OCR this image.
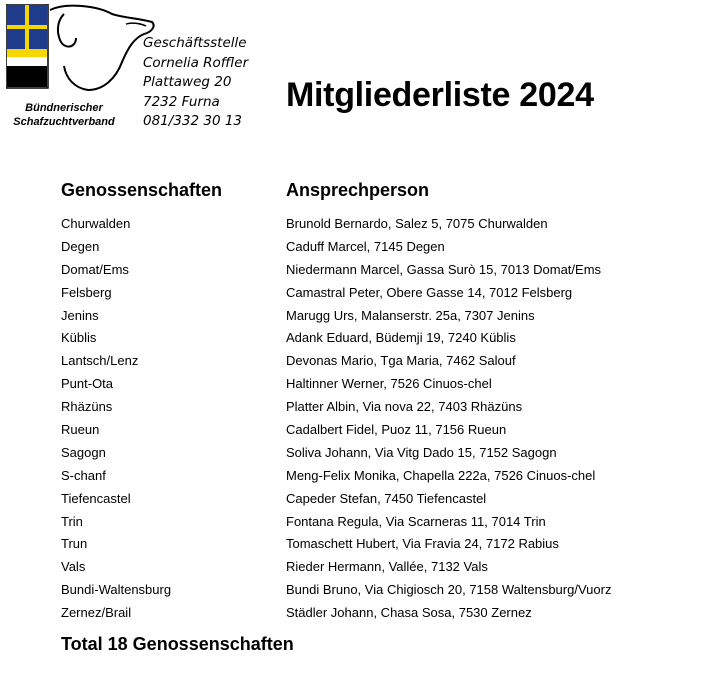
Bündnerischer
Schafzuchtverband
Geschäftsstelle
Cornelia Roffler
Plattaweg 20
7232 Furna
081/332 30 13
Mitgliederliste 2024
Genossenschaften	Ansprechperson
Churwalden	Brunold Bernardo, Salez 5, 7075 Churwalden
Degen	Caduff Marcel, 7145 Degen
Domat/Ems	Niedermann Marcel, Gassa Surò 15, 7013 Domat/Ems
Felsberg	Camastral Peter, Obere Gasse 14, 7012 Felsberg
Jenins	Marugg Urs, Malanserstr. 25a, 7307 Jenins
Küblis	Adank Eduard, Büdemji 19, 7240 Küblis
Lantsch/Lenz	Devonas Mario, Tga Maria, 7462 Salouf
Punt-Ota	Haltinner Werner, 7526 Cinuos-chel
Rhäzüns	Platter Albin, Via nova 22, 7403 Rhäzüns
Rueun	Cadalbert Fidel, Puoz 11, 7156 Rueun
Sagogn	Soliva Johann, Via Vitg Dado 15, 7152 Sagogn
S-chanf	Meng-Felix Monika, Chapella 222a, 7526 Cinuos-chel
Tiefencastel	Capeder Stefan, 7450 Tiefencastel
Trin	Fontana Regula, Via Scarneras 11, 7014 Trin
Trun	Tomaschett Hubert, Via Fravia 24, 7172 Rabius
Vals	Rieder Hermann, Vallée, 7132 Vals
Bundi-Waltensburg	Bundi Bruno, Via Chigiosch 20, 7158 Waltensburg/Vuorz
Zernez/Brail	Städler Johann, Chasa Sosa, 7530 Zernez
Total 18 Genossenschaften
